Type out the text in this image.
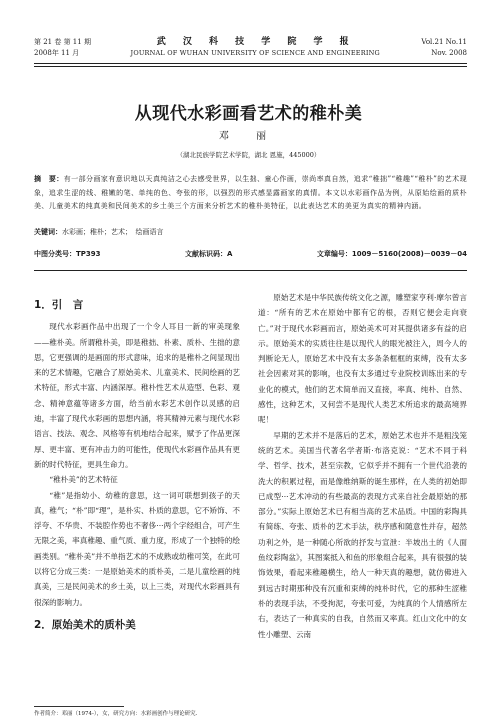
第 21 卷 第 11 期	武 汉 科 技 学 院 学 报	Vol.21 No.11
2008年 11 月	JOURNAL OF WUHAN UNIVERSITY OF SCIENCE AND ENGINEERING	Nov. 2008
从现代水彩画看艺术的稚朴美
邓 丽
（湖北民族学院艺术学院，湖北 恩施，445000）
摘　要：有一部分画家有意识地以天真纯洁之心去感受世界，以生拙、童心作画，崇尚率真自然，追求“稚拙”“稚趣”“稚朴”的艺术现象，追求生涩的线、稚嫩的笔、单纯的色、夸张的形，以强烈的形式感显露画家的真情。本文以水彩画作品为例，从原始绘画的质朴美、儿童美术的纯真美和民间美术的乡土美三个方面来分析艺术的稚朴美特征，以此表达艺术的美更为真实的精神内涵。
关键词：水彩画；稚朴；艺术；　绘画语言
中图分类号：TP393	文献标识码：A	文章编号：1009－5160(2008)－0039－04
1．引　言

现代水彩画作品中出现了一个令人耳目一新的审美现象——稚朴美。所谓稚朴美，即是稚拙、朴素、质朴、生拙的意思，它更强调的是画面的形式意味，追求的是稚朴之间显现出来的艺术情趣，它融合了原始美术、儿童美术、民间绘画的艺术特征，形式丰富、内涵深厚。稚朴性艺术从造型、色彩、观念、精神意蕴等诸多方面，给当前水彩艺术创作以灵感的启迪，丰富了现代水彩画的思想内涵，将其精神元素与现代水彩语言、技法、观念、风格等有机地结合起来，赋予了作品更深厚、更丰富、更有冲击力的可能性，使现代水彩画作品具有更新的时代特征，更具生命力。

“稚朴美”的艺术特征

“稚”是指幼小、幼稚的意思，这一词可联想到孩子的天真，稚气；“朴”即“理”，是朴实、朴质的意思，它不矫饰、不浮夸、不华贵、不装腔作势也不奢侈···两个字经组合，可产生无限之美，率真稚趣、重气质、重力度，形成了一个独特的绘画类别。“稚朴美”并不单指艺术的不成熟或幼稚可笑，在此可以将它分成三类：一是原始美术的质朴美，二是儿童绘画的纯真美，三是民间美术的乡土美，以上三类，对现代水彩画具有很深的影响力。

2．原始美术的质朴美

原始艺术是中华民族传统文化之源，雕塑家亨利·摩尔曾言道：“所有的艺术在原始中都有它的根，否则它便会走向衰亡。”对于现代水彩画而言，原始美术可对其提供诸多有益的启示。原始美术的实质往往是以现代人的眼光被注入，周今人的判断论无人，原始艺术中没有太多条条框框的束缚，没有太多社会因素对其的影响，也没有太多通过专业院校训练出来的专业化的模式，他们的艺术简单而又直接，率真、纯朴、自然、感性，这种艺术，又何尝不是现代人类艺术所追求的最高境界呢！

早期的艺术并不是落后的艺术，原始艺术也并不是粗浅笼统的艺术。美国当代著名学者斯·布洛克说：“艺术不同于科学、哲学、技术，甚至宗教，它似乎并不拥有一个世代沿袭的洗大的积累过程，而是像维纳斯的诞生那样，在人类的初始即已成型···艺术冲动的有些最高的表现方式来自社会最原始的那部分。”实际上原始艺术已有相当高的艺术品质。中国的彩陶具有简练、夸张、质朴的艺术手法，秩序感和随意性并存，超然功利之外，是一种随心所欲的抒发与宣泄：半坡出土的《人面鱼纹彩陶盆》，其图案抵入和鱼的形象组合起来，具有很强的装饰效果，看起来稚趣横生，给人一种天真的趣想，就仿佛进入到远古时期那种没有沉重和束缚的纯朴时代，它的那种生涩稚朴的表现手法，不受拘泥，夸张可爱，为纯真的个人情感所左右，表达了一种真实的自我，自然而又率真。红山文化中的女性小雕塑、云南

作者简介：邓丽（1974-），女，研究方向：水彩画创作与理论研究.
